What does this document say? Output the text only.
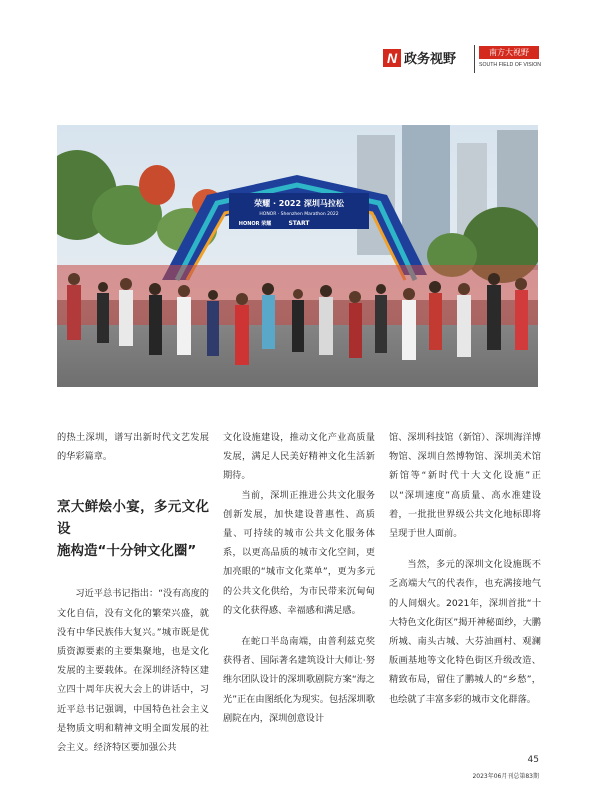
N 政务视野	南方大视野
SOUTH FIELD OF VISION
荣耀 · 2022 深圳马拉松
HONOR · Shenzhen Marathon 2022
HONOR 荣耀	START

的热土深圳，谱写出新时代文艺发展的华彩篇章。

烹大鲜烩小宴，多元文化设
施构造“十分钟文化圈”

习近平总书记指出：“没有高度的文化自信，没有文化的繁荣兴盛，就没有中华民族伟大复兴。”城市既是优质资源要素的主要集聚地，也是文化发展的主要载体。在深圳经济特区建立四十周年庆祝大会上的讲话中，习近平总书记强调，中国特色社会主义是物质文明和精神文明全面发展的社会主义。经济特区要加强公共

文化设施建设，推动文化产业高质量发展，满足人民美好精神文化生活新期待。

当前，深圳正推进公共文化服务创新发展，加快建设普惠性、高质量、可持续的城市公共文化服务体系，以更高品质的城市文化空间，更加亮眼的“城市文化菜单”，更为多元的公共文化供给，为市民带来沉甸甸的文化获得感、幸福感和满足感。

在蛇口半岛南端，由普利兹克奖获得者、国际著名建筑设计大师让·努维尔团队设计的深圳歌剧院方案“海之光”正在由图纸化为现实。包括深圳歌剧院在内，深圳创意设计

馆、深圳科技馆（新馆）、深圳海洋博物馆、深圳自然博物馆、深圳美术馆新馆等“新时代十大文化设施”正以“深圳速度”高质量、高水准建设着，一批批世界级公共文化地标即将呈现于世人面前。

当然，多元的深圳文化设施既不乏高端大气的代表作，也充满接地气的人间烟火。2021年，深圳首批“十大特色文化街区”揭开神秘面纱，大鹏所城、南头古城、大芬油画村、观澜版画基地等文化特色街区升级改造、精致布局，留住了鹏城人的“乡愁”，也绘就了丰富多彩的城市文化群落。

45
2023年06月刊总第83期
